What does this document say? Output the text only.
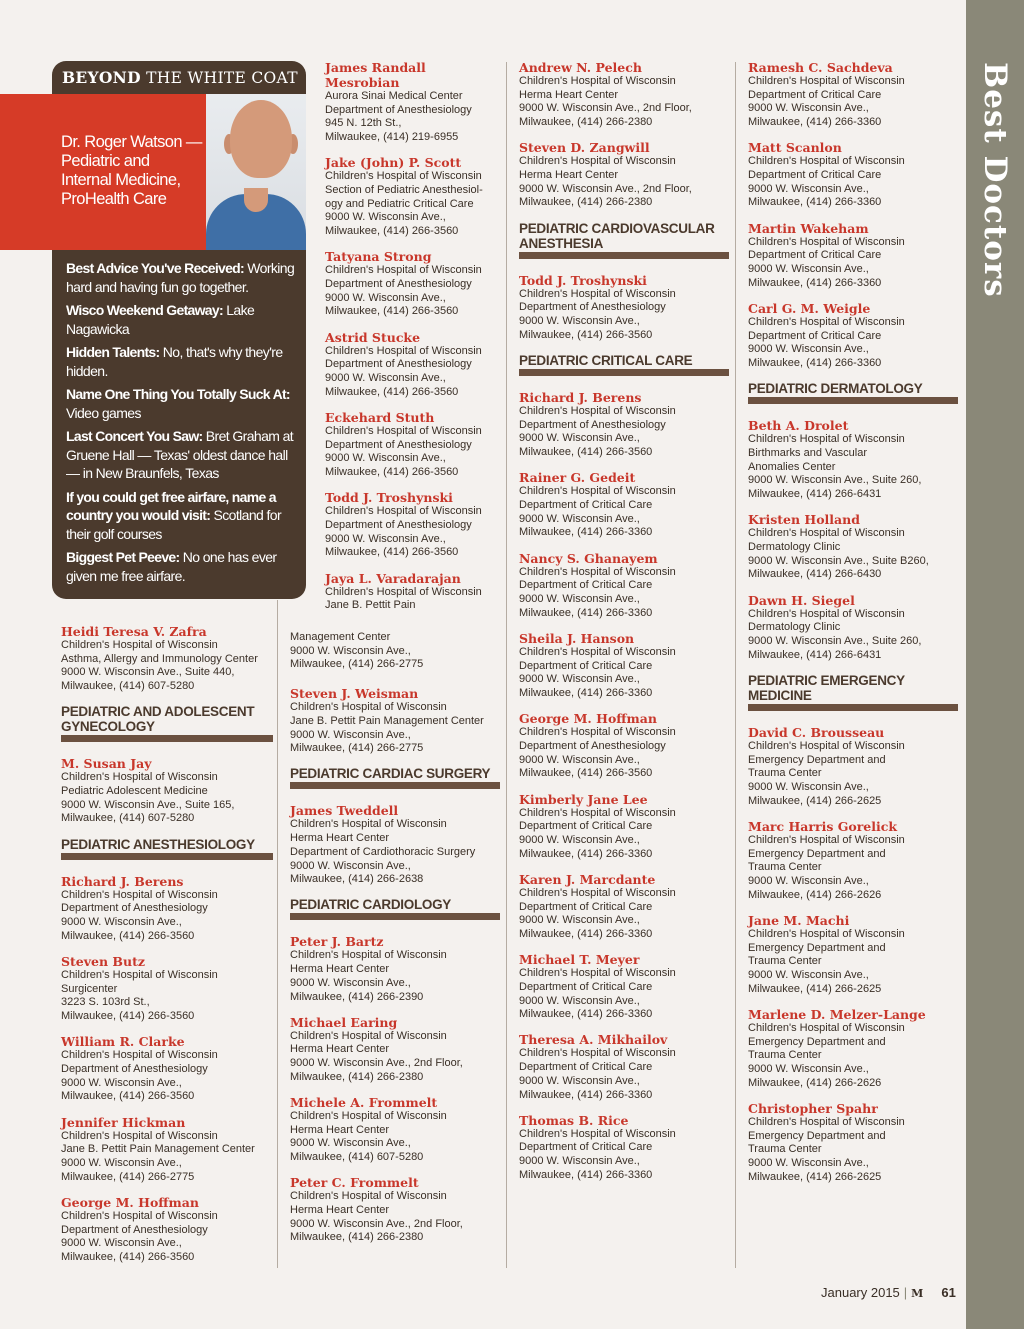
Best Doctors
BEYOND THE WHITE COAT
Dr. Roger Watson —
Pediatric and
Internal Medicine,
ProHealth Care

Best Advice You've Received: Working hard and having fun go together.

Wisco Weekend Getaway: Lake Nagawicka

Hidden Talents: No, that's why they're hidden.

Name One Thing You Totally Suck At: Video games

Last Concert You Saw: Bret Graham at Gruene Hall — Texas' oldest dance hall — in New Braunfels, Texas

If you could get free airfare, name a country you would visit: Scotland for their golf courses

Biggest Pet Peeve: No one has ever given me free airfare.

Heidi Teresa V. Zafra
Children's Hospital of Wisconsin
Asthma, Allergy and Immunology Center
9000 W. Wisconsin Ave., Suite 440,
Milwaukee, (414) 607-5280
PEDIATRIC AND ADOLESCENT GYNECOLOGY
M. Susan Jay
Children's Hospital of Wisconsin
Pediatric Adolescent Medicine
9000 W. Wisconsin Ave., Suite 165,
Milwaukee, (414) 607-5280
PEDIATRIC ANESTHESIOLOGY
Richard J. Berens
Children's Hospital of Wisconsin
Department of Anesthesiology
9000 W. Wisconsin Ave.,
Milwaukee, (414) 266-3560
Steven Butz
Children's Hospital of Wisconsin
Surgicenter
3223 S. 103rd St.,
Milwaukee, (414) 266-3560
William R. Clarke
Children's Hospital of Wisconsin
Department of Anesthesiology
9000 W. Wisconsin Ave.,
Milwaukee, (414) 266-3560
Jennifer Hickman
Children's Hospital of Wisconsin
Jane B. Pettit Pain Management Center
9000 W. Wisconsin Ave.,
Milwaukee, (414) 266-2775
George M. Hoffman
Children's Hospital of Wisconsin
Department of Anesthesiology
9000 W. Wisconsin Ave.,
Milwaukee, (414) 266-3560
James Randall Mesrobian
Aurora Sinai Medical Center
Department of Anesthesiology
945 N. 12th St.,
Milwaukee, (414) 219-6955
Jake (John) P. Scott
Children's Hospital of Wisconsin
Section of Pediatric Anesthesiol-
ogy and Pediatric Critical Care
9000 W. Wisconsin Ave.,
Milwaukee, (414) 266-3560
Tatyana Strong
Children's Hospital of Wisconsin
Department of Anesthesiology
9000 W. Wisconsin Ave.,
Milwaukee, (414) 266-3560
Astrid Stucke
Children's Hospital of Wisconsin
Department of Anesthesiology
9000 W. Wisconsin Ave.,
Milwaukee, (414) 266-3560
Eckehard Stuth
Children's Hospital of Wisconsin
Department of Anesthesiology
9000 W. Wisconsin Ave.,
Milwaukee, (414) 266-3560
Todd J. Troshynski
Children's Hospital of Wisconsin
Department of Anesthesiology
9000 W. Wisconsin Ave.,
Milwaukee, (414) 266-3560
Jaya L. Varadarajan
Children's Hospital of Wisconsin
Jane B. Pettit Pain
Management Center
9000 W. Wisconsin Ave.,
Milwaukee, (414) 266-2775
Steven J. Weisman
Children's Hospital of Wisconsin
Jane B. Pettit Pain Management Center
9000 W. Wisconsin Ave.,
Milwaukee, (414) 266-2775
PEDIATRIC CARDIAC SURGERY
James Tweddell
Children's Hospital of Wisconsin
Herma Heart Center
Department of Cardiothoracic Surgery
9000 W. Wisconsin Ave.,
Milwaukee, (414) 266-2638
PEDIATRIC CARDIOLOGY
Peter J. Bartz
Children's Hospital of Wisconsin
Herma Heart Center
9000 W. Wisconsin Ave.,
Milwaukee, (414) 266-2390
Michael Earing
Children's Hospital of Wisconsin
Herma Heart Center
9000 W. Wisconsin Ave., 2nd Floor,
Milwaukee, (414) 266-2380
Michele A. Frommelt
Children's Hospital of Wisconsin
Herma Heart Center
9000 W. Wisconsin Ave.,
Milwaukee, (414) 607-5280
Peter C. Frommelt
Children's Hospital of Wisconsin
Herma Heart Center
9000 W. Wisconsin Ave., 2nd Floor,
Milwaukee, (414) 266-2380
Andrew N. Pelech
Children's Hospital of Wisconsin
Herma Heart Center
9000 W. Wisconsin Ave., 2nd Floor,
Milwaukee, (414) 266-2380
Steven D. Zangwill
Children's Hospital of Wisconsin
Herma Heart Center
9000 W. Wisconsin Ave., 2nd Floor,
Milwaukee, (414) 266-2380
PEDIATRIC CARDIOVASCULAR ANESTHESIA
Todd J. Troshynski
Children's Hospital of Wisconsin
Department of Anesthesiology
9000 W. Wisconsin Ave.,
Milwaukee, (414) 266-3560
PEDIATRIC CRITICAL CARE
Richard J. Berens
Children's Hospital of Wisconsin
Department of Anesthesiology
9000 W. Wisconsin Ave.,
Milwaukee, (414) 266-3560
Rainer G. Gedeit
Children's Hospital of Wisconsin
Department of Critical Care
9000 W. Wisconsin Ave.,
Milwaukee, (414) 266-3360
Nancy S. Ghanayem
Children's Hospital of Wisconsin
Department of Critical Care
9000 W. Wisconsin Ave.,
Milwaukee, (414) 266-3360
Sheila J. Hanson
Children's Hospital of Wisconsin
Department of Critical Care
9000 W. Wisconsin Ave.,
Milwaukee, (414) 266-3360
George M. Hoffman
Children's Hospital of Wisconsin
Department of Anesthesiology
9000 W. Wisconsin Ave.,
Milwaukee, (414) 266-3560
Kimberly Jane Lee
Children's Hospital of Wisconsin
Department of Critical Care
9000 W. Wisconsin Ave.,
Milwaukee, (414) 266-3360
Karen J. Marcdante
Children's Hospital of Wisconsin
Department of Critical Care
9000 W. Wisconsin Ave.,
Milwaukee, (414) 266-3360
Michael T. Meyer
Children's Hospital of Wisconsin
Department of Critical Care
9000 W. Wisconsin Ave.,
Milwaukee, (414) 266-3360
Theresa A. Mikhailov
Children's Hospital of Wisconsin
Department of Critical Care
9000 W. Wisconsin Ave.,
Milwaukee, (414) 266-3360
Thomas B. Rice
Children's Hospital of Wisconsin
Department of Critical Care
9000 W. Wisconsin Ave.,
Milwaukee, (414) 266-3360
Ramesh C. Sachdeva
Children's Hospital of Wisconsin
Department of Critical Care
9000 W. Wisconsin Ave.,
Milwaukee, (414) 266-3360
Matt Scanlon
Children's Hospital of Wisconsin
Department of Critical Care
9000 W. Wisconsin Ave.,
Milwaukee, (414) 266-3360
Martin Wakeham
Children's Hospital of Wisconsin
Department of Critical Care
9000 W. Wisconsin Ave.,
Milwaukee, (414) 266-3360
Carl G. M. Weigle
Children's Hospital of Wisconsin
Department of Critical Care
9000 W. Wisconsin Ave.,
Milwaukee, (414) 266-3360
PEDIATRIC DERMATOLOGY
Beth A. Drolet
Children's Hospital of Wisconsin
Birthmarks and Vascular
Anomalies Center
9000 W. Wisconsin Ave., Suite 260,
Milwaukee, (414) 266-6431
Kristen Holland
Children's Hospital of Wisconsin
Dermatology Clinic
9000 W. Wisconsin Ave., Suite B260,
Milwaukee, (414) 266-6430
Dawn H. Siegel
Children's Hospital of Wisconsin
Dermatology Clinic
9000 W. Wisconsin Ave., Suite 260,
Milwaukee, (414) 266-6431
PEDIATRIC EMERGENCY MEDICINE
David C. Brousseau
Children's Hospital of Wisconsin
Emergency Department and
Trauma Center
9000 W. Wisconsin Ave.,
Milwaukee, (414) 266-2625
Marc Harris Gorelick
Children's Hospital of Wisconsin
Emergency Department and
Trauma Center
9000 W. Wisconsin Ave.,
Milwaukee, (414) 266-2626
Jane M. Machi
Children's Hospital of Wisconsin
Emergency Department and
Trauma Center
9000 W. Wisconsin Ave.,
Milwaukee, (414) 266-2625
Marlene D. Melzer-Lange
Children's Hospital of Wisconsin
Emergency Department and
Trauma Center
9000 W. Wisconsin Ave.,
Milwaukee, (414) 266-2626
Christopher Spahr
Children's Hospital of Wisconsin
Emergency Department and
Trauma Center
9000 W. Wisconsin Ave.,
Milwaukee, (414) 266-2625
January 2015 | M 61
